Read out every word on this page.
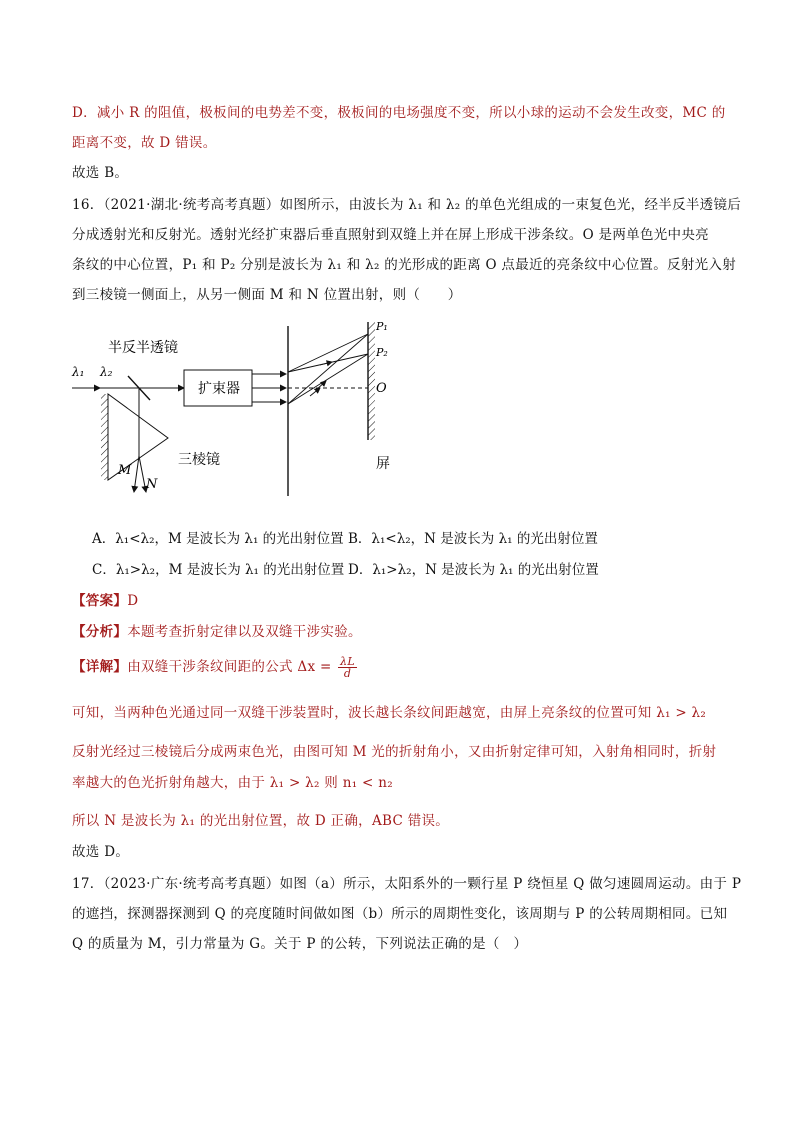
D．减小 R 的阻值，极板间的电势差不变，极板间的电场强度不变，所以小球的运动不会发生改变，MC 的
距离不变，故 D 错误。
故选 B。
16．（2021·湖北·统考高考真题）如图所示，由波长为 λ₁ 和 λ₂ 的单色光组成的一束复色光，经半反半透镜后
分成透射光和反射光。透射光经扩束器后垂直照射到双缝上并在屏上形成干涉条纹。O 是两单色光中央亮
条纹的中心位置，P₁ 和 P₂ 分别是波长为 λ₁ 和 λ₂ 的光形成的距离 O 点最近的亮条纹中心位置。反射光入射
到三棱镜一侧面上，从另一侧面 M 和 N 位置出射，则（　　）
半反半透镜
λ₁ λ₂
扩束器
P₁
P₂
O
屏
M
N
三棱镜
A．λ₁<λ₂，M 是波长为 λ₁ 的光出射位置 B．λ₁<λ₂，N 是波长为 λ₁ 的光出射位置
C．λ₁>λ₂，M 是波长为 λ₁ 的光出射位置 D．λ₁>λ₂，N 是波长为 λ₁ 的光出射位置
【答案】D
【分析】本题考查折射定律以及双缝干涉实验。
【详解】由双缝干涉条纹间距的公式 $\Delta x = \frac{\lambda L}{d}$
可知，当两种色光通过同一双缝干涉装置时，波长越长条纹间距越宽，由屏上亮条纹的位置可知 λ₁ > λ₂
反射光经过三棱镜后分成两束色光，由图可知 M 光的折射角小，又由折射定律可知，入射角相同时，折射
率越大的色光折射角越大，由于 λ₁ > λ₂ 则 n₁ < n₂
所以 N 是波长为 λ₁ 的光出射位置，故 D 正确，ABC 错误。
故选 D。
17．（2023·广东·统考高考真题）如图（a）所示，太阳系外的一颗行星 P 绕恒星 Q 做匀速圆周运动。由于 P
的遮挡，探测器探测到 Q 的亮度随时间做如图（b）所示的周期性变化，该周期与 P 的公转周期相同。已知
Q 的质量为 M，引力常量为 G。关于 P 的公转，下列说法正确的是（　）
